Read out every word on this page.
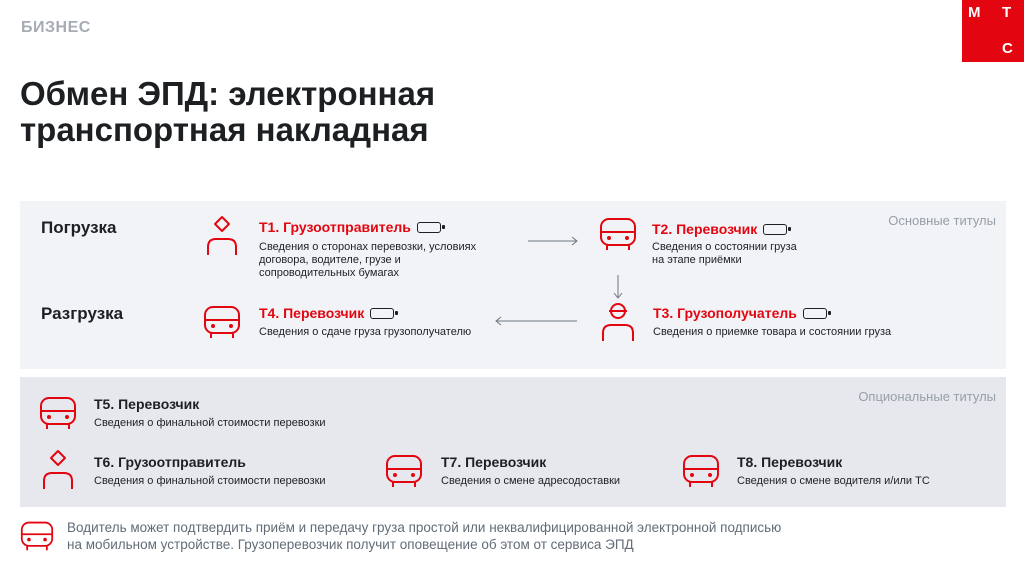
БИЗНЕС
М Т
С
Обмен ЭПД: электронная
транспортная накладная
Основные титулы
Погрузка
Разгрузка
Т1. Грузоотправитель
Сведения о сторонах перевозки, условиях
договора, водителе, грузе и
сопроводительных бумагах
Т2. Перевозчик
Сведения о состоянии груза
на этапе приёмки
Т4. Перевозчик
Сведения о сдаче груза грузополучателю
Т3. Грузополучатель
Сведения о приемке товара и состоянии груза
Опциональные титулы
Т5. Перевозчик
Сведения о финальной стоимости перевозки
Т6. Грузоотправитель
Сведения о финальной стоимости перевозки
Т7. Перевозчик
Сведения о смене адресодоставки
Т8. Перевозчик
Сведения о смене водителя и/или ТС
Водитель может подтвердить приём и передачу груза простой или неквалифицированной электронной подписью
на мобильном устройстве. Грузоперевозчик получит оповещение об этом от сервиса ЭПД
